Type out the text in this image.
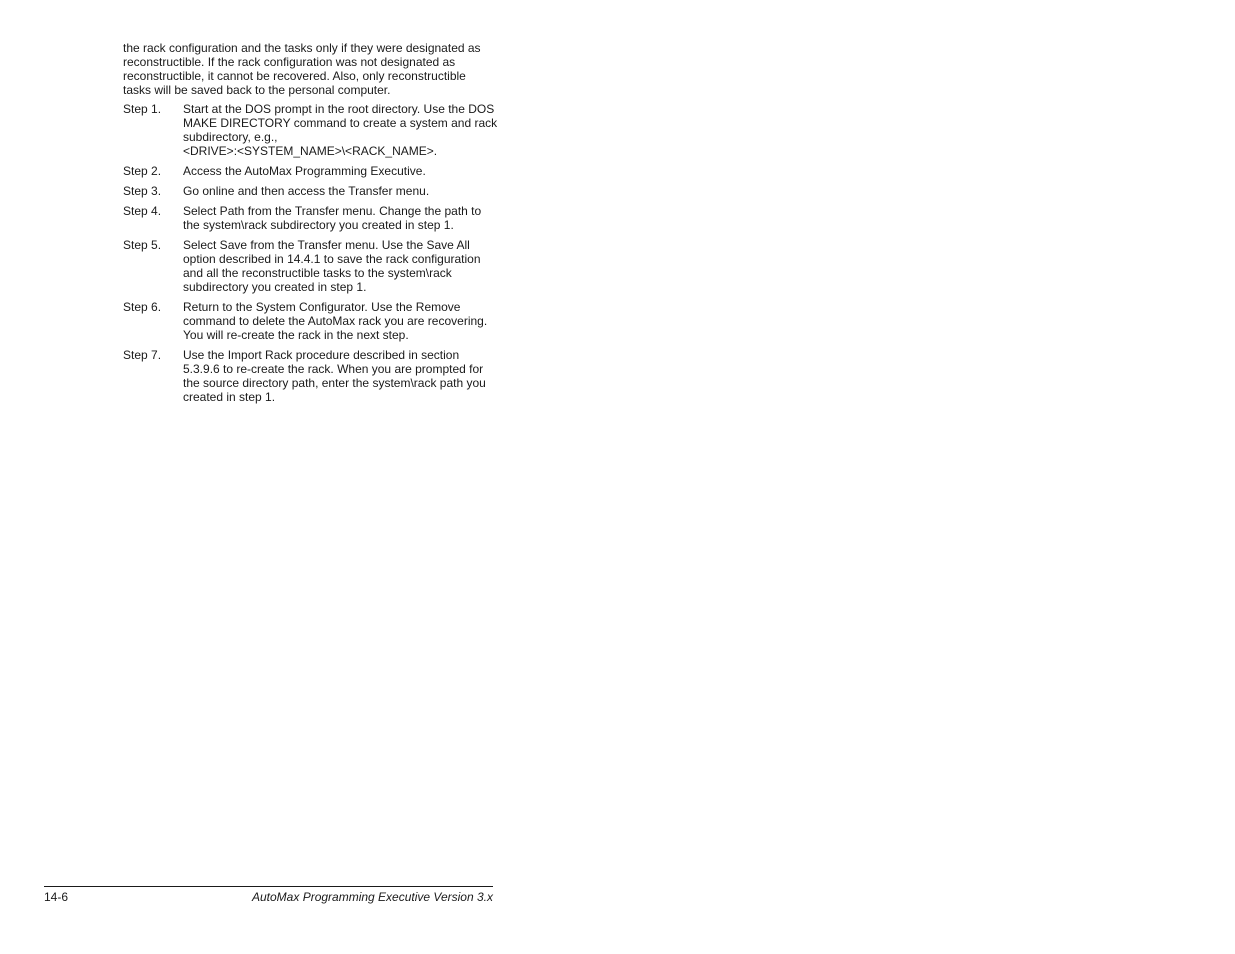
the rack configuration and the tasks only if they were designated as
reconstructible. If the rack configuration was not designated as
reconstructible, it cannot be recovered. Also, only reconstructible
tasks will be saved back to the personal computer.

Step 1. Start at the DOS prompt in the root directory. Use the DOS
MAKE DIRECTORY command to create a system and rack
subdirectory, e.g.,
<DRIVE>:<SYSTEM_NAME>\<RACK_NAME>.
Step 2. Access the AutoMax Programming Executive.
Step 3. Go online and then access the Transfer menu.
Step 4. Select Path from the Transfer menu. Change the path to
the system\rack subdirectory you created in step 1.
Step 5. Select Save from the Transfer menu. Use the Save All
option described in 14.4.1 to save the rack configuration
and all the reconstructible tasks to the system\rack
subdirectory you created in step 1.
Step 6. Return to the System Configurator. Use the Remove
command to delete the AutoMax rack you are recovering.
You will re-create the rack in the next step.
Step 7. Use the Import Rack procedure described in section
5.3.9.6 to re-create the rack. When you are prompted for
the source directory path, enter the system\rack path you
created in step 1.
14-6	AutoMax Programming Executive Version 3.x
